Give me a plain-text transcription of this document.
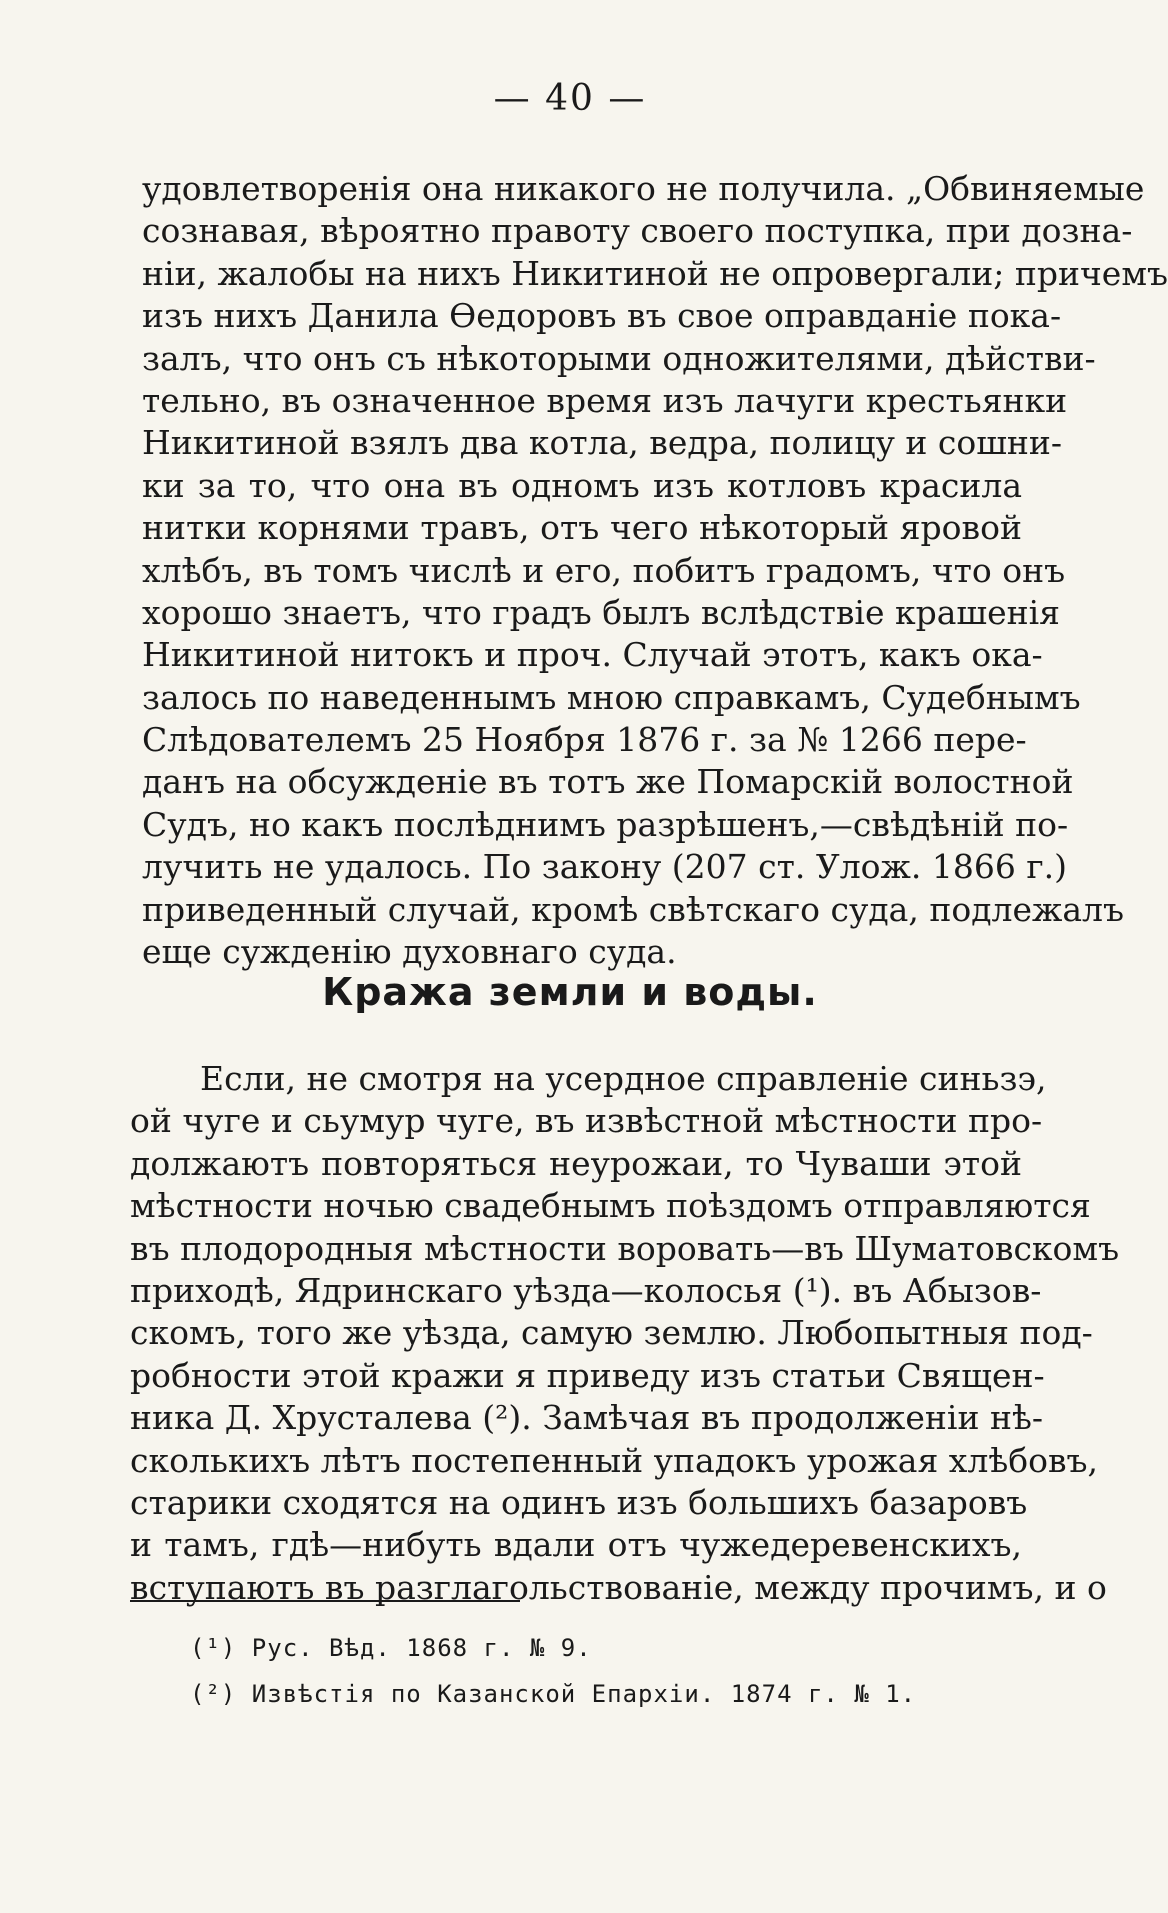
— 40 —
удовлетворенія она никакого не получила. „Обвиняемые
сознавая, вѣроятно правоту своего поступка, при дозна-
ніи, жалобы на нихъ Никитиной не опровергали; причемъ
изъ нихъ Данила Өедоровъ въ свое оправданіе пока-
залъ, что онъ съ нѣкоторыми одножителями, дѣйстви-
тельно, въ означенное время изъ лачуги крестьянки
Никитиной взялъ два котла, ведра, полицу и сошни-
ки за то, что она въ одномъ изъ котловъ красила
нитки корнями травъ, отъ чего нѣкоторый яровой
хлѣбъ, въ томъ числѣ и его, побитъ градомъ, что онъ
хорошо знаетъ, что градъ былъ вслѣдствіе крашенія
Никитиной нитокъ и проч. Случай этотъ, какъ ока-
залось по наведеннымъ мною справкамъ, Судебнымъ
Слѣдователемъ 25 Ноября 1876 г. за № 1266 пере-
данъ на обсужденіе въ тотъ же Помарскій волостной
Судъ, но какъ послѣднимъ разрѣшенъ,—свѣдѣній по-
лучить не удалось. По закону (207 ст. Улож. 1866 г.)
приведенный случай, кромѣ свѣтскаго суда, подлежалъ
еще сужденію духовнаго суда.
Кража земли и воды.
Если, не смотря на усердное справленіе синьзэ,
ой чуге и сьумур чуге, въ извѣстной мѣстности про-
должаютъ повторяться неурожаи, то Чуваши этой
мѣстности ночью свадебнымъ поѣздомъ отправляются
въ плодородныя мѣстности воровать—въ Шуматовскомъ
приходѣ, Ядринскаго уѣзда—колосья (¹). въ Абызов-
скомъ, того же уѣзда, самую землю. Любопытныя под-
робности этой кражи я приведу изъ статьи Священ-
ника Д. Хрусталева (²). Замѣчая въ продолженіи нѣ-
сколькихъ лѣтъ постепенный упадокъ урожая хлѣбовъ,
старики сходятся на одинъ изъ большихъ базаровъ
и тамъ, гдѣ—нибуть вдали отъ чужедеревенскихъ,
вступаютъ въ разглагольствованіе, между прочимъ, и о
(¹) Рус. Вѣд. 1868 г. № 9.
(²) Извѣстія по Казанской Епархіи. 1874 г. № 1.
